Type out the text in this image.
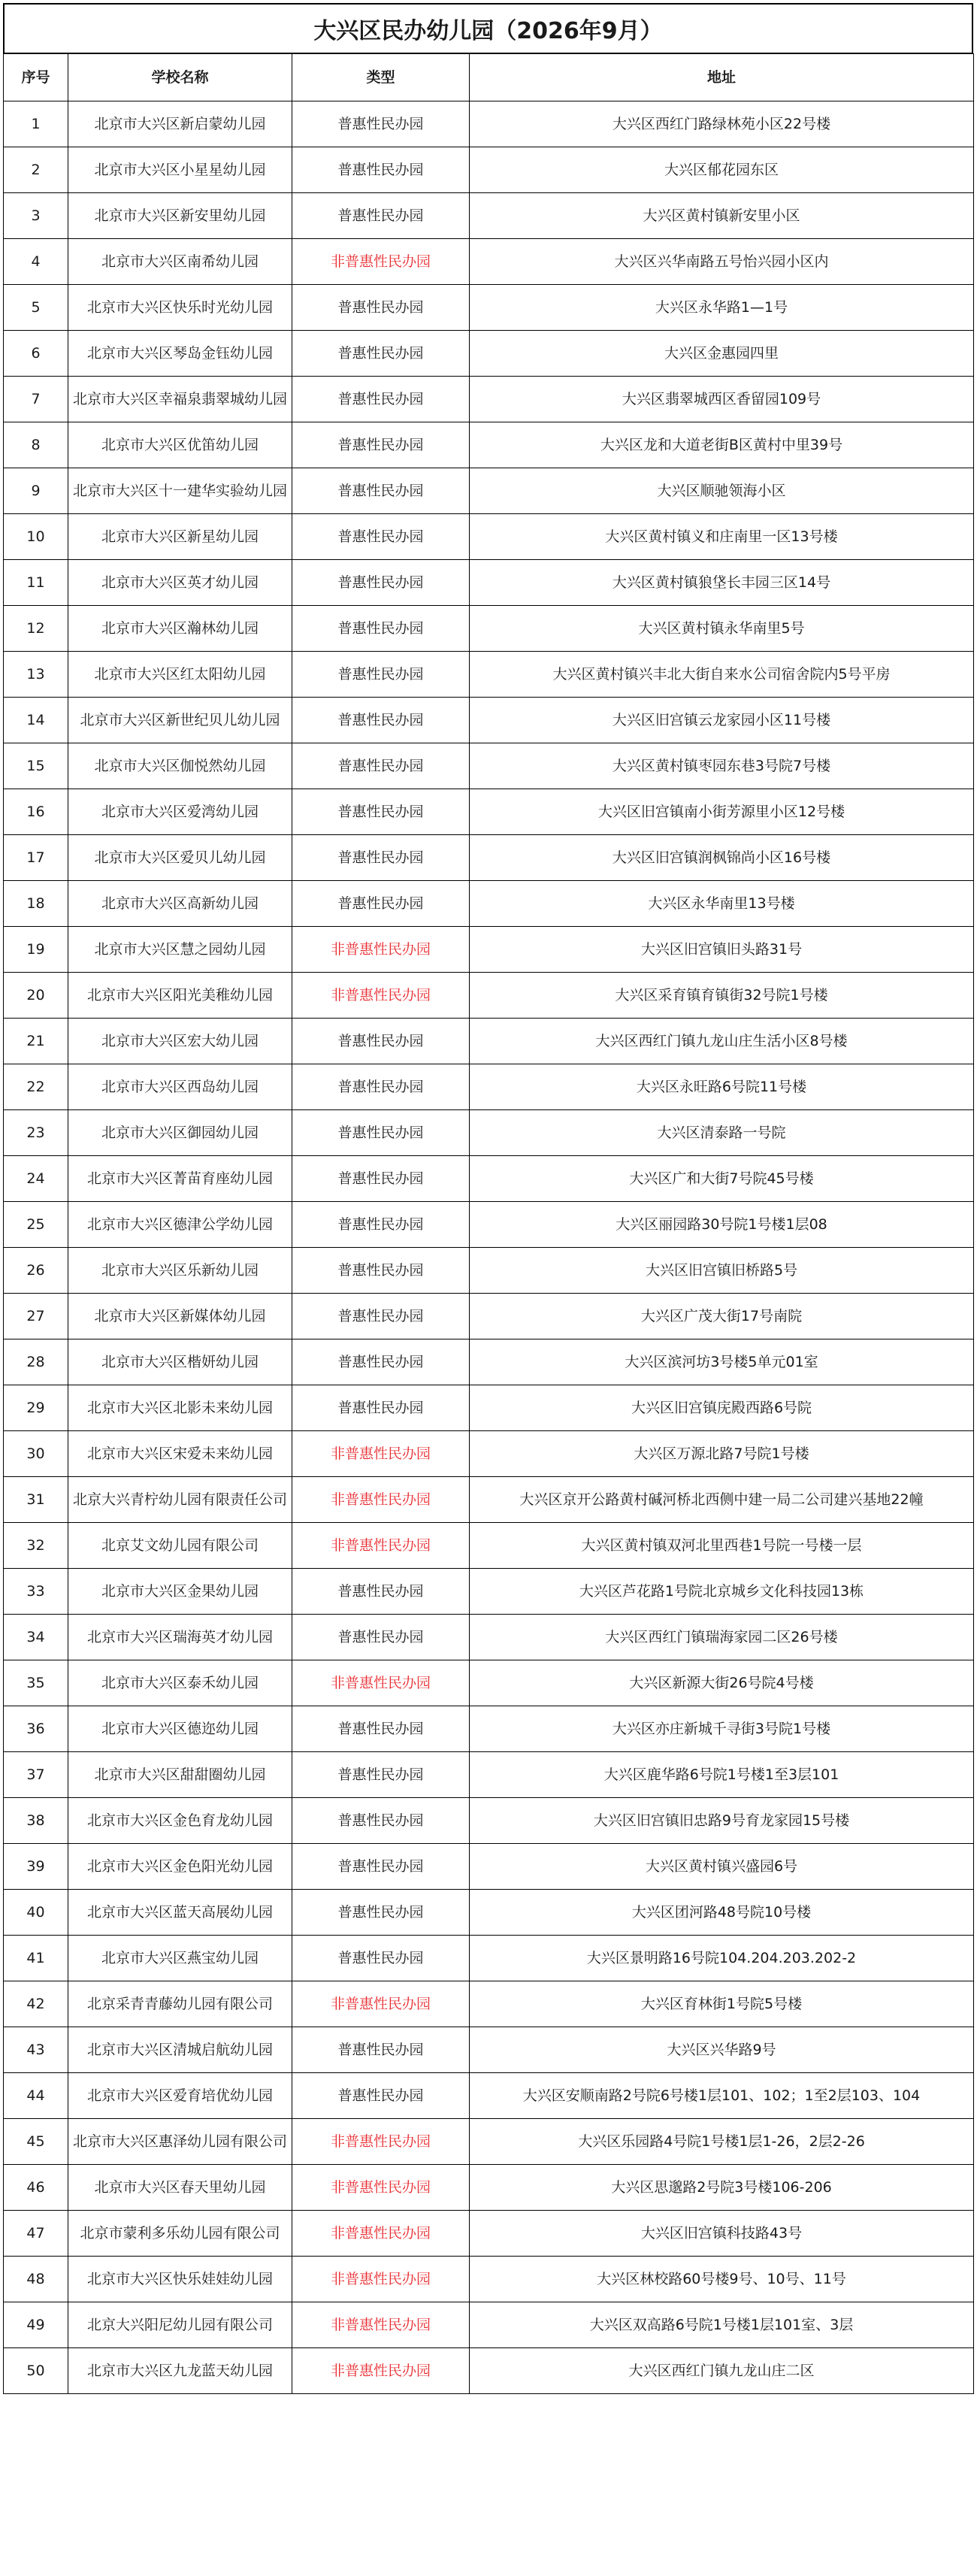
大兴区民办幼儿园（2026年9月）
序号	学校名称	类型	地址
1	北京市大兴区新启蒙幼儿园	普惠性民办园	大兴区西红门路绿林苑小区22号楼
2	北京市大兴区小星星幼儿园	普惠性民办园	大兴区郁花园东区
3	北京市大兴区新安里幼儿园	普惠性民办园	大兴区黄村镇新安里小区
4	北京市大兴区南希幼儿园	非普惠性民办园	大兴区兴华南路五号怡兴园小区内
5	北京市大兴区快乐时光幼儿园	普惠性民办园	大兴区永华路1—1号
6	北京市大兴区琴岛金钰幼儿园	普惠性民办园	大兴区金惠园四里
7	北京市大兴区幸福泉翡翠城幼儿园	普惠性民办园	大兴区翡翠城西区香留园109号
8	北京市大兴区优笛幼儿园	普惠性民办园	大兴区龙和大道老街B区黄村中里39号
9	北京市大兴区十一建华实验幼儿园	普惠性民办园	大兴区顺驰领海小区
10	北京市大兴区新星幼儿园	普惠性民办园	大兴区黄村镇义和庄南里一区13号楼
11	北京市大兴区英才幼儿园	普惠性民办园	大兴区黄村镇狼垡长丰园三区14号
12	北京市大兴区瀚林幼儿园	普惠性民办园	大兴区黄村镇永华南里5号
13	北京市大兴区红太阳幼儿园	普惠性民办园	大兴区黄村镇兴丰北大街自来水公司宿舍院内5号平房
14	北京市大兴区新世纪贝儿幼儿园	普惠性民办园	大兴区旧宫镇云龙家园小区11号楼
15	北京市大兴区伽悦然幼儿园	普惠性民办园	大兴区黄村镇枣园东巷3号院7号楼
16	北京市大兴区爱湾幼儿园	普惠性民办园	大兴区旧宫镇南小街芳源里小区12号楼
17	北京市大兴区爱贝儿幼儿园	普惠性民办园	大兴区旧宫镇润枫锦尚小区16号楼
18	北京市大兴区高新幼儿园	普惠性民办园	大兴区永华南里13号楼
19	北京市大兴区慧之园幼儿园	非普惠性民办园	大兴区旧宫镇旧头路31号
20	北京市大兴区阳光美稚幼儿园	非普惠性民办园	大兴区采育镇育镇街32号院1号楼
21	北京市大兴区宏大幼儿园	普惠性民办园	大兴区西红门镇九龙山庄生活小区8号楼
22	北京市大兴区西岛幼儿园	普惠性民办园	大兴区永旺路6号院11号楼
23	北京市大兴区御园幼儿园	普惠性民办园	大兴区清泰路一号院
24	北京市大兴区菁苗育座幼儿园	普惠性民办园	大兴区广和大街7号院45号楼
25	北京市大兴区德津公学幼儿园	普惠性民办园	大兴区丽园路30号院1号楼1层08
26	北京市大兴区乐新幼儿园	普惠性民办园	大兴区旧宫镇旧桥路5号
27	北京市大兴区新媒体幼儿园	普惠性民办园	大兴区广茂大街17号南院
28	北京市大兴区楷妍幼儿园	普惠性民办园	大兴区滨河坊3号楼5单元01室
29	北京市大兴区北影未来幼儿园	普惠性民办园	大兴区旧宫镇庑殿西路6号院
30	北京市大兴区宋爱未来幼儿园	非普惠性民办园	大兴区万源北路7号院1号楼
31	北京大兴青柠幼儿园有限责任公司	非普惠性民办园	大兴区京开公路黄村碱河桥北西侧中建一局二公司建兴基地22幢
32	北京艾文幼儿园有限公司	非普惠性民办园	大兴区黄村镇双河北里西巷1号院一号楼一层
33	北京市大兴区金果幼儿园	普惠性民办园	大兴区芦花路1号院北京城乡文化科技园13栋
34	北京市大兴区瑞海英才幼儿园	普惠性民办园	大兴区西红门镇瑞海家园二区26号楼
35	北京市大兴区泰禾幼儿园	非普惠性民办园	大兴区新源大街26号院4号楼
36	北京市大兴区德迩幼儿园	普惠性民办园	大兴区亦庄新城千寻街3号院1号楼
37	北京市大兴区甜甜圈幼儿园	普惠性民办园	大兴区鹿华路6号院1号楼1至3层101
38	北京市大兴区金色育龙幼儿园	普惠性民办园	大兴区旧宫镇旧忠路9号育龙家园15号楼
39	北京市大兴区金色阳光幼儿园	普惠性民办园	大兴区黄村镇兴盛园6号
40	北京市大兴区蓝天高展幼儿园	普惠性民办园	大兴区团河路48号院10号楼
41	北京市大兴区燕宝幼儿园	普惠性民办园	大兴区景明路16号院104.204.203.202-2
42	北京采青青藤幼儿园有限公司	非普惠性民办园	大兴区育林街1号院5号楼
43	北京市大兴区清城启航幼儿园	普惠性民办园	大兴区兴华路9号
44	北京市大兴区爱育培优幼儿园	普惠性民办园	大兴区安顺南路2号院6号楼1层101、102；1至2层103、104
45	北京市大兴区惠泽幼儿园有限公司	非普惠性民办园	大兴区乐园路4号院1号楼1层1-26，2层2-26
46	北京市大兴区春天里幼儿园	非普惠性民办园	大兴区思邈路2号院3号楼106-206
47	北京市蒙利多乐幼儿园有限公司	非普惠性民办园	大兴区旧宫镇科技路43号
48	北京市大兴区快乐娃娃幼儿园	非普惠性民办园	大兴区林校路60号楼9号、10号、11号
49	北京大兴阳尼幼儿园有限公司	非普惠性民办园	大兴区双高路6号院1号楼1层101室、3层
50	北京市大兴区九龙蓝天幼儿园	非普惠性民办园	大兴区西红门镇九龙山庄二区
